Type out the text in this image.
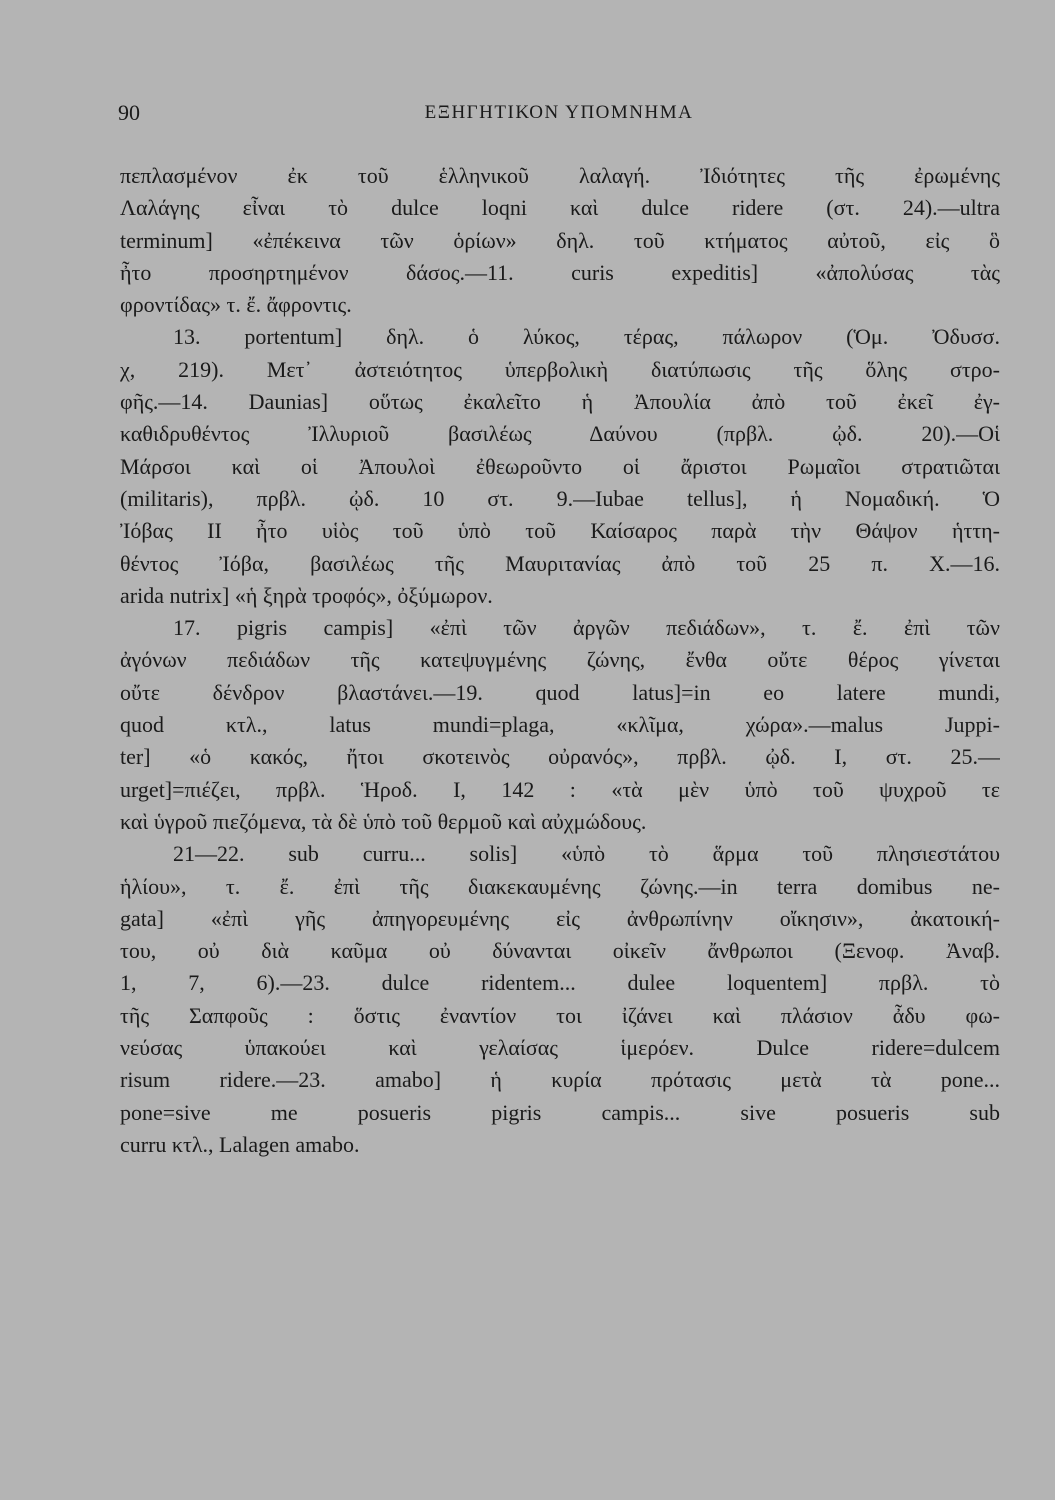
90	ΕΞΗΓΗΤΙΚΟΝ ΥΠΟΜΝΗΜΑ
πεπλασμένον ἐκ τοῦ ἑλληνικοῦ λαλαγή. Ἰδιότητες τῆς ἐρωμένης
Λαλάγης εἶναι τὸ dulce loqni καὶ dulce ridere (στ. 24).—ultra
terminum] «ἐπέκεινα τῶν ὁρίων» δηλ. τοῦ κτήματος αὐτοῦ, εἰς ὃ
ἦτο προσηρτημένον δάσος.—11. curis expeditis] «ἀπολύσας τὰς
φροντίδας» τ. ἔ. ἄφροντις.
13. portentum] δηλ. ὁ λύκος, τέρας, πάλωρον (Ὁμ. Ὀδυσσ.
χ, 219). Μετ᾽ ἀστειότητος ὑπερβολικὴ διατύπωσις τῆς ὅλης στρο-
φῆς.—14. Daunias] οὕτως ἐκαλεῖτο ἡ Ἀπουλία ἀπὸ τοῦ ἐκεῖ ἐγ-
καθιδρυθέντος Ἰλλυριοῦ βασιλέως Δαύνου (πρβλ. ᾠδ. 20).—Οἱ
Μάρσοι καὶ οἱ Ἀπουλοὶ ἐθεωροῦντο οἱ ἄριστοι Ρωμαῖοι στρατιῶται
(militaris), πρβλ. ᾠδ. 10 στ. 9.—Iubae tellus], ἡ Νομαδική. Ὁ
Ἰόβας II ἦτο υἱὸς τοῦ ὑπὸ τοῦ Καίσαρος παρὰ τὴν Θάψον ἡττη-
θέντος Ἰόβα, βασιλέως τῆς Μαυριτανίας ἀπὸ τοῦ 25 π. Χ.—16.
arida nutrix] «ἡ ξηρὰ τροφός», ὀξύμωρον.
17. pigris campis] «ἐπὶ τῶν ἀργῶν πεδιάδων», τ. ἔ. ἐπὶ τῶν
ἀγόνων πεδιάδων τῆς κατεψυγμένης ζώνης, ἔνθα οὔτε θέρος γίνεται
οὔτε δένδρον βλαστάνει.—19. quod latus]=in eo latere mundi,
quod κτλ., latus mundi=plaga, «κλῖμα, χώρα».—malus Juppi-
ter] «ὁ κακός, ἤτοι σκοτεινὸς οὐρανός», πρβλ. ᾠδ. I, στ. 25.—
urget]=πιέζει, πρβλ. Ἡροδ. I, 142 : «τὰ μὲν ὑπὸ τοῦ ψυχροῦ τε
καὶ ὑγροῦ πιεζόμενα, τὰ δὲ ὑπὸ τοῦ θερμοῦ καὶ αὐχμώδους.
21—22. sub curru... solis] «ὑπὸ τὸ ἅρμα τοῦ πλησιεστάτου
ἡλίου», τ. ἔ. ἐπὶ τῆς διακεκαυμένης ζώνης.—in terra domibus ne-
gata] «ἐπὶ γῆς ἀπηγορευμένης εἰς ἀνθρωπίνην οἴκησιν», ἀκατοική-
του, οὐ διὰ καῦμα οὐ δύνανται οἰκεῖν ἄνθρωποι (Ξενοφ. Ἀναβ.
1, 7, 6).—23. dulce ridentem... dulee loquentem] πρβλ. τὸ
τῆς Σαπφοῦς : ὅστις ἐναντίον τοι ἰζάνει καὶ πλάσιον ἆδυ φω-
νεύσας ὑπακούει καὶ γελαίσας ἱμερόεν. Dulce ridere=dulcem
risum ridere.—23. amabo] ἡ κυρία πρότασις μετὰ τὰ pone...
pone=sive me posueris pigris campis... sive posueris sub
curru κτλ., Lalagen amabo.
